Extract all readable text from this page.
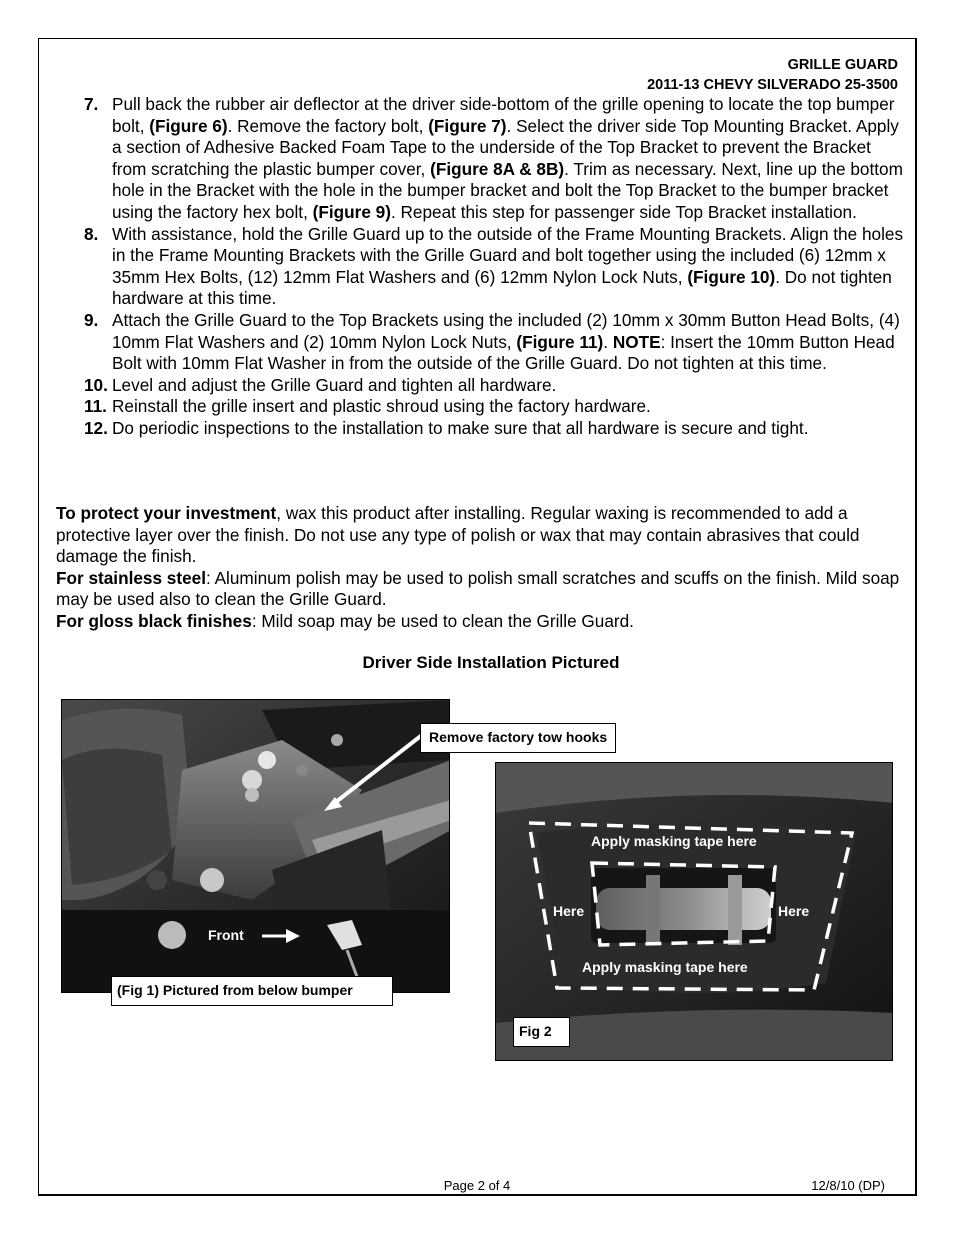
GRILLE GUARD
2011-13 CHEVY SILVERADO 25-3500
7. Pull back the rubber air deflector at the driver side-bottom of the grille opening to locate the top bumper bolt, (Figure 6). Remove the factory bolt, (Figure 7). Select the driver side Top Mounting Bracket. Apply a section of Adhesive Backed Foam Tape to the underside of the Top Bracket to prevent the Bracket from scratching the plastic bumper cover, (Figure 8A & 8B). Trim as necessary. Next, line up the bottom hole in the Bracket with the hole in the bumper bracket and bolt the Top Bracket to the bumper bracket using the factory hex bolt, (Figure 9). Repeat this step for passenger side Top Bracket installation.
8. With assistance, hold the Grille Guard up to the outside of the Frame Mounting Brackets. Align the holes in the Frame Mounting Brackets with the Grille Guard and bolt together using the included (6) 12mm x 35mm Hex Bolts, (12) 12mm Flat Washers and (6) 12mm Nylon Lock Nuts, (Figure 10). Do not tighten hardware at this time.
9. Attach the Grille Guard to the Top Brackets using the included (2) 10mm x 30mm Button Head Bolts, (4) 10mm Flat Washers and (2) 10mm Nylon Lock Nuts, (Figure 11). NOTE: Insert the 10mm Button Head Bolt with 10mm Flat Washer in from the outside of the Grille Guard. Do not tighten at this time.
10. Level and adjust the Grille Guard and tighten all hardware.
11. Reinstall the grille insert and plastic shroud using the factory hardware.
12. Do periodic inspections to the installation to make sure that all hardware is secure and tight.

To protect your investment, wax this product after installing. Regular waxing is recommended to add a protective layer over the finish. Do not use any type of polish or wax that may contain abrasives that could damage the finish.

For stainless steel: Aluminum polish may be used to polish small scratches and scuffs on the finish. Mild soap may be used also to clean the Grille Guard.

For gloss black finishes: Mild soap may be used to clean the Grille Guard.

Driver Side Installation Pictured
Front
Remove factory tow hooks
(Fig 1) Pictured from below bumper
Apply masking tape here
Here	Here
Apply masking tape here
Fig 2
Page 2 of 4	12/8/10 (DP)
